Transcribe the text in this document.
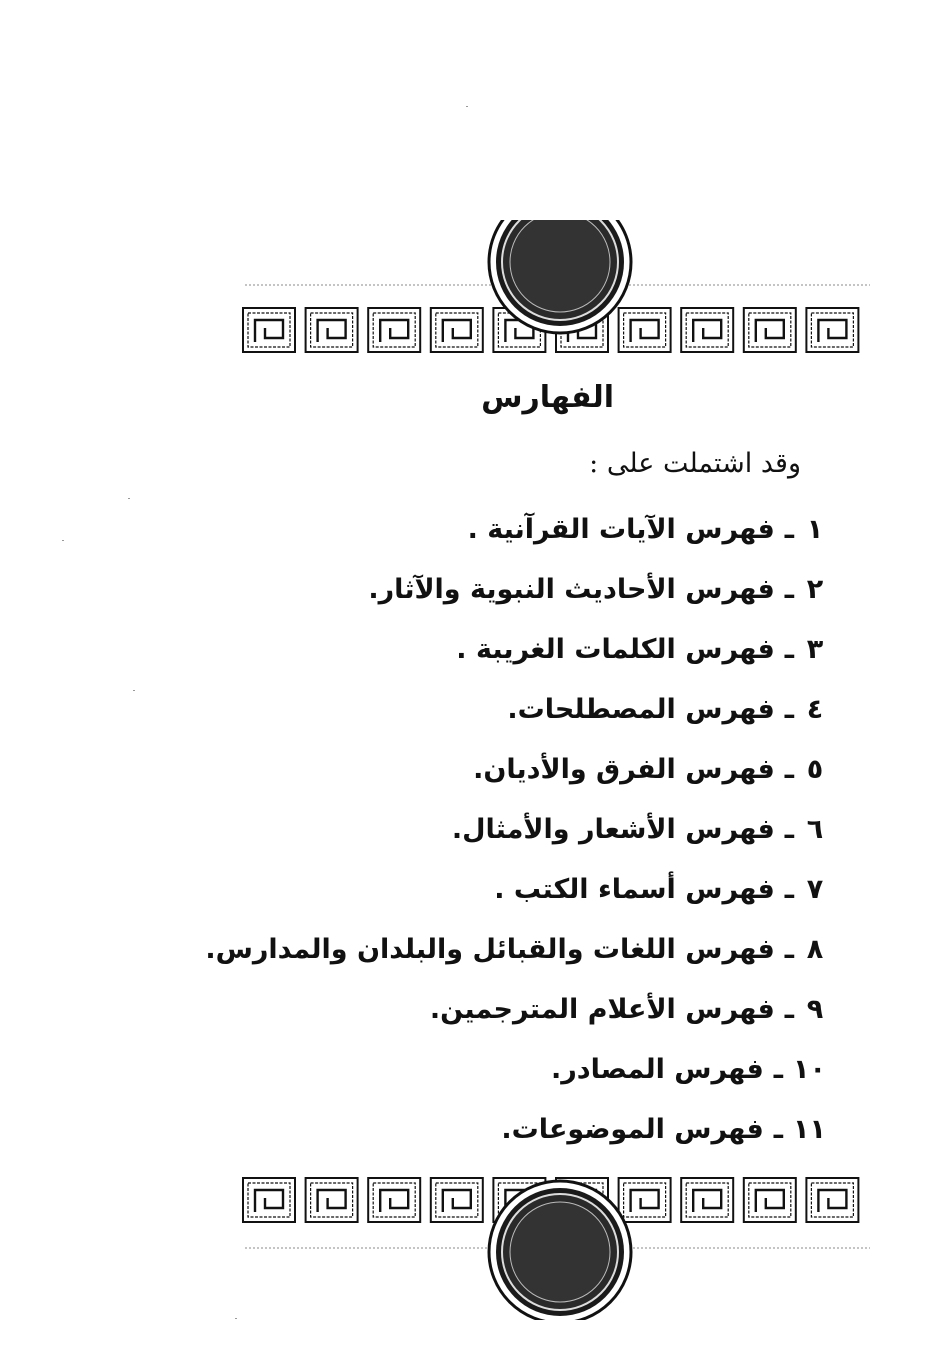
الفهارس
وقد اشتملت على :
١
ـ
فهرس الآيات القرآنية .
٢
ـ
فهرس الأحاديث النبوية والآثار.
٣
ـ
فهرس الكلمات الغريبة .
٤
ـ
فهرس المصطلحات.
٥
ـ
فهرس الفرق والأديان.
٦
ـ
فهرس الأشعار والأمثال.
٧
ـ
فهرس أسماء الكتب .
٨
ـ
فهرس اللغات والقبائل والبلدان والمدارس.
٩
ـ
فهرس الأعلام المترجمين.
١٠
ـ
فهرس المصادر.
١١
ـ
فهرس الموضوعات.
